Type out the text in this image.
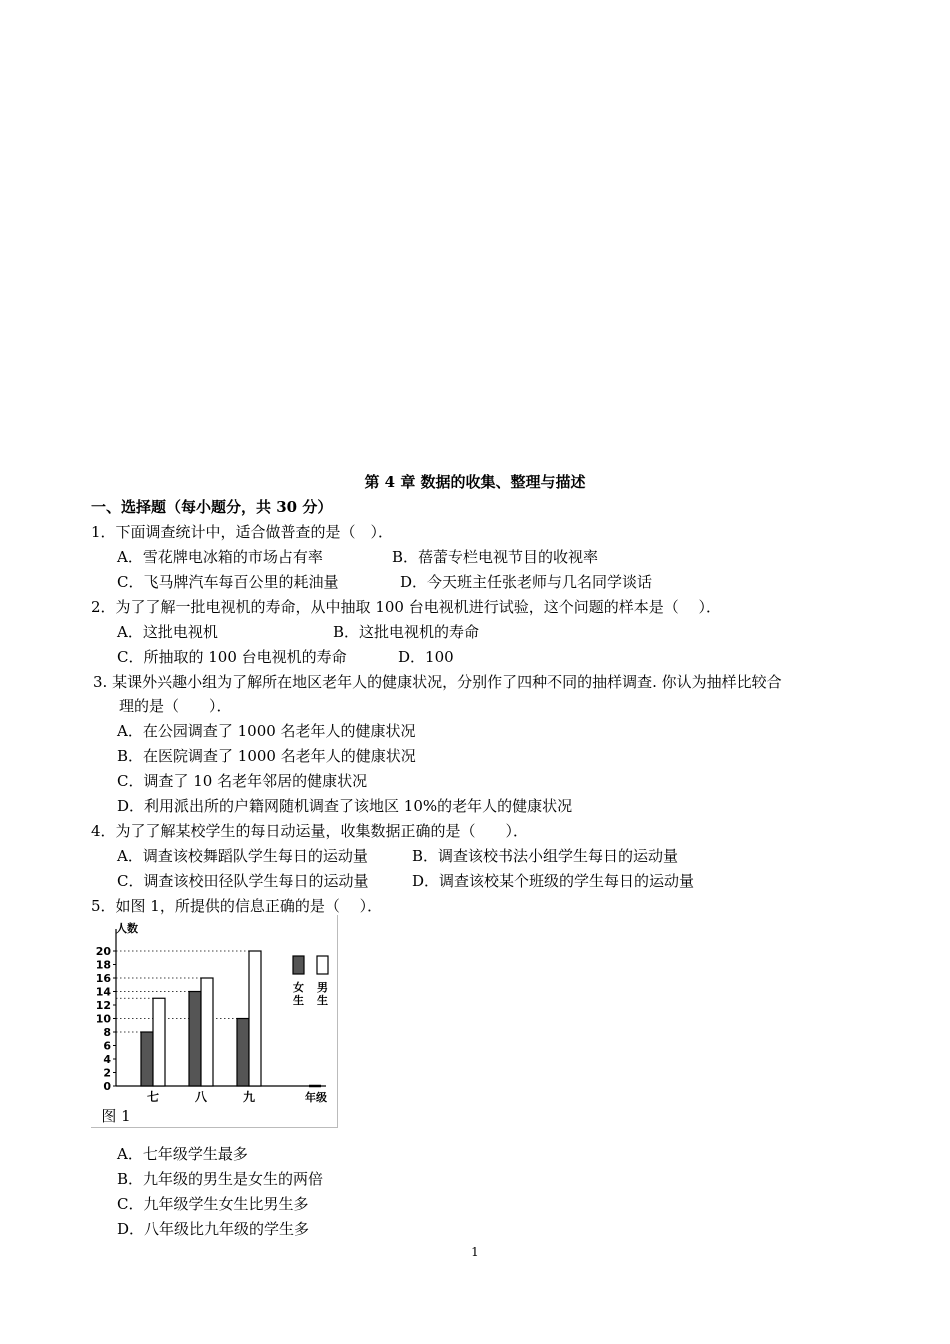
第 4 章 数据的收集、整理与描述
一、选择题（每小题分，共 30 分）
1．下面调查统计中，适合做普查的是（　）．
A．雪花牌电冰箱的市场占有率	B．蓓蕾专栏电视节目的收视率
C．飞马牌汽车每百公里的耗油量	D．今天班主任张老师与几名同学谈话
2．为了了解一批电视机的寿命，从中抽取 100 台电视机进行试验，这个问题的样本是（　 ）．
A．这批电视机	B．这批电视机的寿命
C．所抽取的 100 台电视机的寿命	D．100
3. 某课外兴趣小组为了解所在地区老年人的健康状况，分别作了四种不同的抽样调查. 你认为抽样比较合
理的是（　　）．
A．在公园调查了 1000 名老年人的健康状况
B．在医院调查了 1000 名老年人的健康状况
C．调查了 10 名老年邻居的健康状况
D．利用派出所的户籍网随机调查了该地区 10%的老年人的健康状况
4．为了了解某校学生的每日动运量，收集数据正确的是（　　）．
A．调查该校舞蹈队学生每日的运动量	B．调查该校书法小组学生每日的运动量
C．调查该校田径队学生每日的运动量	D．调查该校某个班级的学生每日的运动量
5．如图 1，所提供的信息正确的是（　 ）．
人数
0
2
4
6
8
10
12
14
16
18
20
七	八	九	年级
女
生
男
生
图 1
A．七年级学生最多
B．九年级的男生是女生的两倍
C．九年级学生女生比男生多
D．八年级比九年级的学生多
1
